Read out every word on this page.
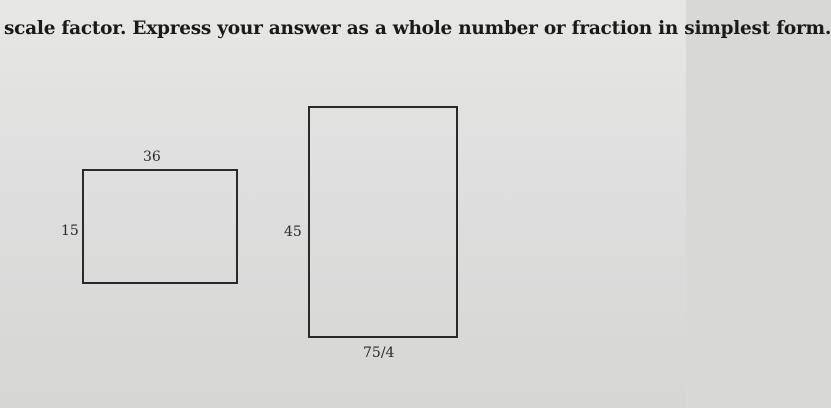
scale factor. Express your answer as a whole number or fraction in simplest form.
36
15	45
75/4
